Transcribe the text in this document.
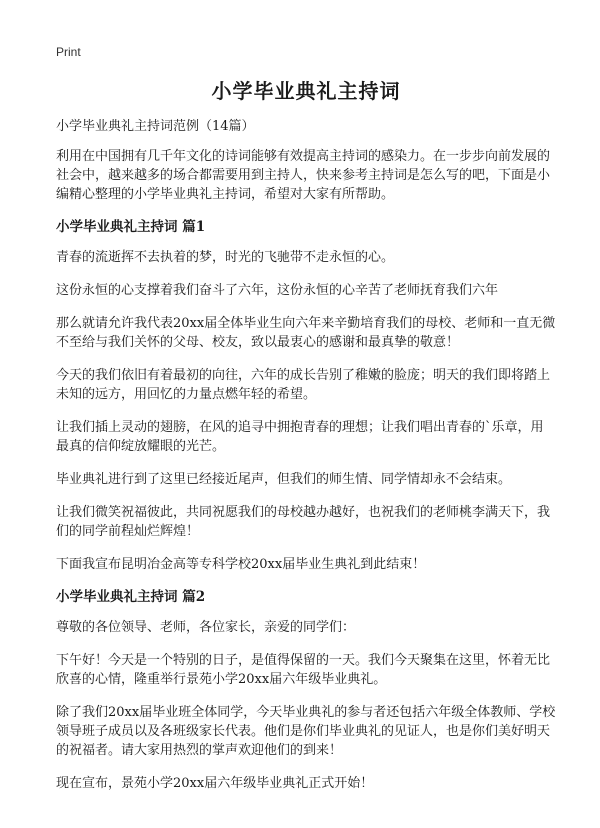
Print
小学毕业典礼主持词
小学毕业典礼主持词范例（14篇）

利用在中国拥有几千年文化的诗词能够有效提高主持词的感染力。在一步步向前发展的社会中，越来越多的场合都需要用到主持人，快来参考主持词是怎么写的吧，下面是小编精心整理的小学毕业典礼主持词，希望对大家有所帮助。

小学毕业典礼主持词 篇1

青春的流逝挥不去执着的梦，时光的飞驰带不走永恒的心。

这份永恒的心支撑着我们奋斗了六年，这份永恒的心辛苦了老师抚育我们六年

那么就请允许我代表20xx届全体毕业生向六年来辛勤培育我们的母校、老师和一直无微不至给与我们关怀的父母、校友，致以最衷心的感谢和最真挚的敬意！

今天的我们依旧有着最初的向往，六年的成长告别了稚嫩的脸庞；明天的我们即将踏上未知的远方，用回忆的力量点燃年轻的希望。

让我们插上灵动的翅膀，在风的追寻中拥抱青春的理想；让我们唱出青春的`乐章，用最真的信仰绽放耀眼的光芒。

毕业典礼进行到了这里已经接近尾声，但我们的师生情、同学情却永不会结束。

让我们微笑祝福彼此，共同祝愿我们的母校越办越好，也祝我们的老师桃李满天下，我们的同学前程灿烂辉煌！

下面我宣布昆明冶金高等专科学校20xx届毕业生典礼到此结束！

小学毕业典礼主持词 篇2

尊敬的各位领导、老师，各位家长，亲爱的同学们：

下午好！今天是一个特别的日子，是值得保留的一天。我们今天聚集在这里，怀着无比欣喜的心情，隆重举行景苑小学20xx届六年级毕业典礼。

除了我们20xx届毕业班全体同学，今天毕业典礼的参与者还包括六年级全体教师、学校领导班子成员以及各班级家长代表。他们是你们毕业典礼的见证人，也是你们美好明天的祝福者。请大家用热烈的掌声欢迎他们的到来！

现在宣布，景苑小学20xx届六年级毕业典礼正式开始！
